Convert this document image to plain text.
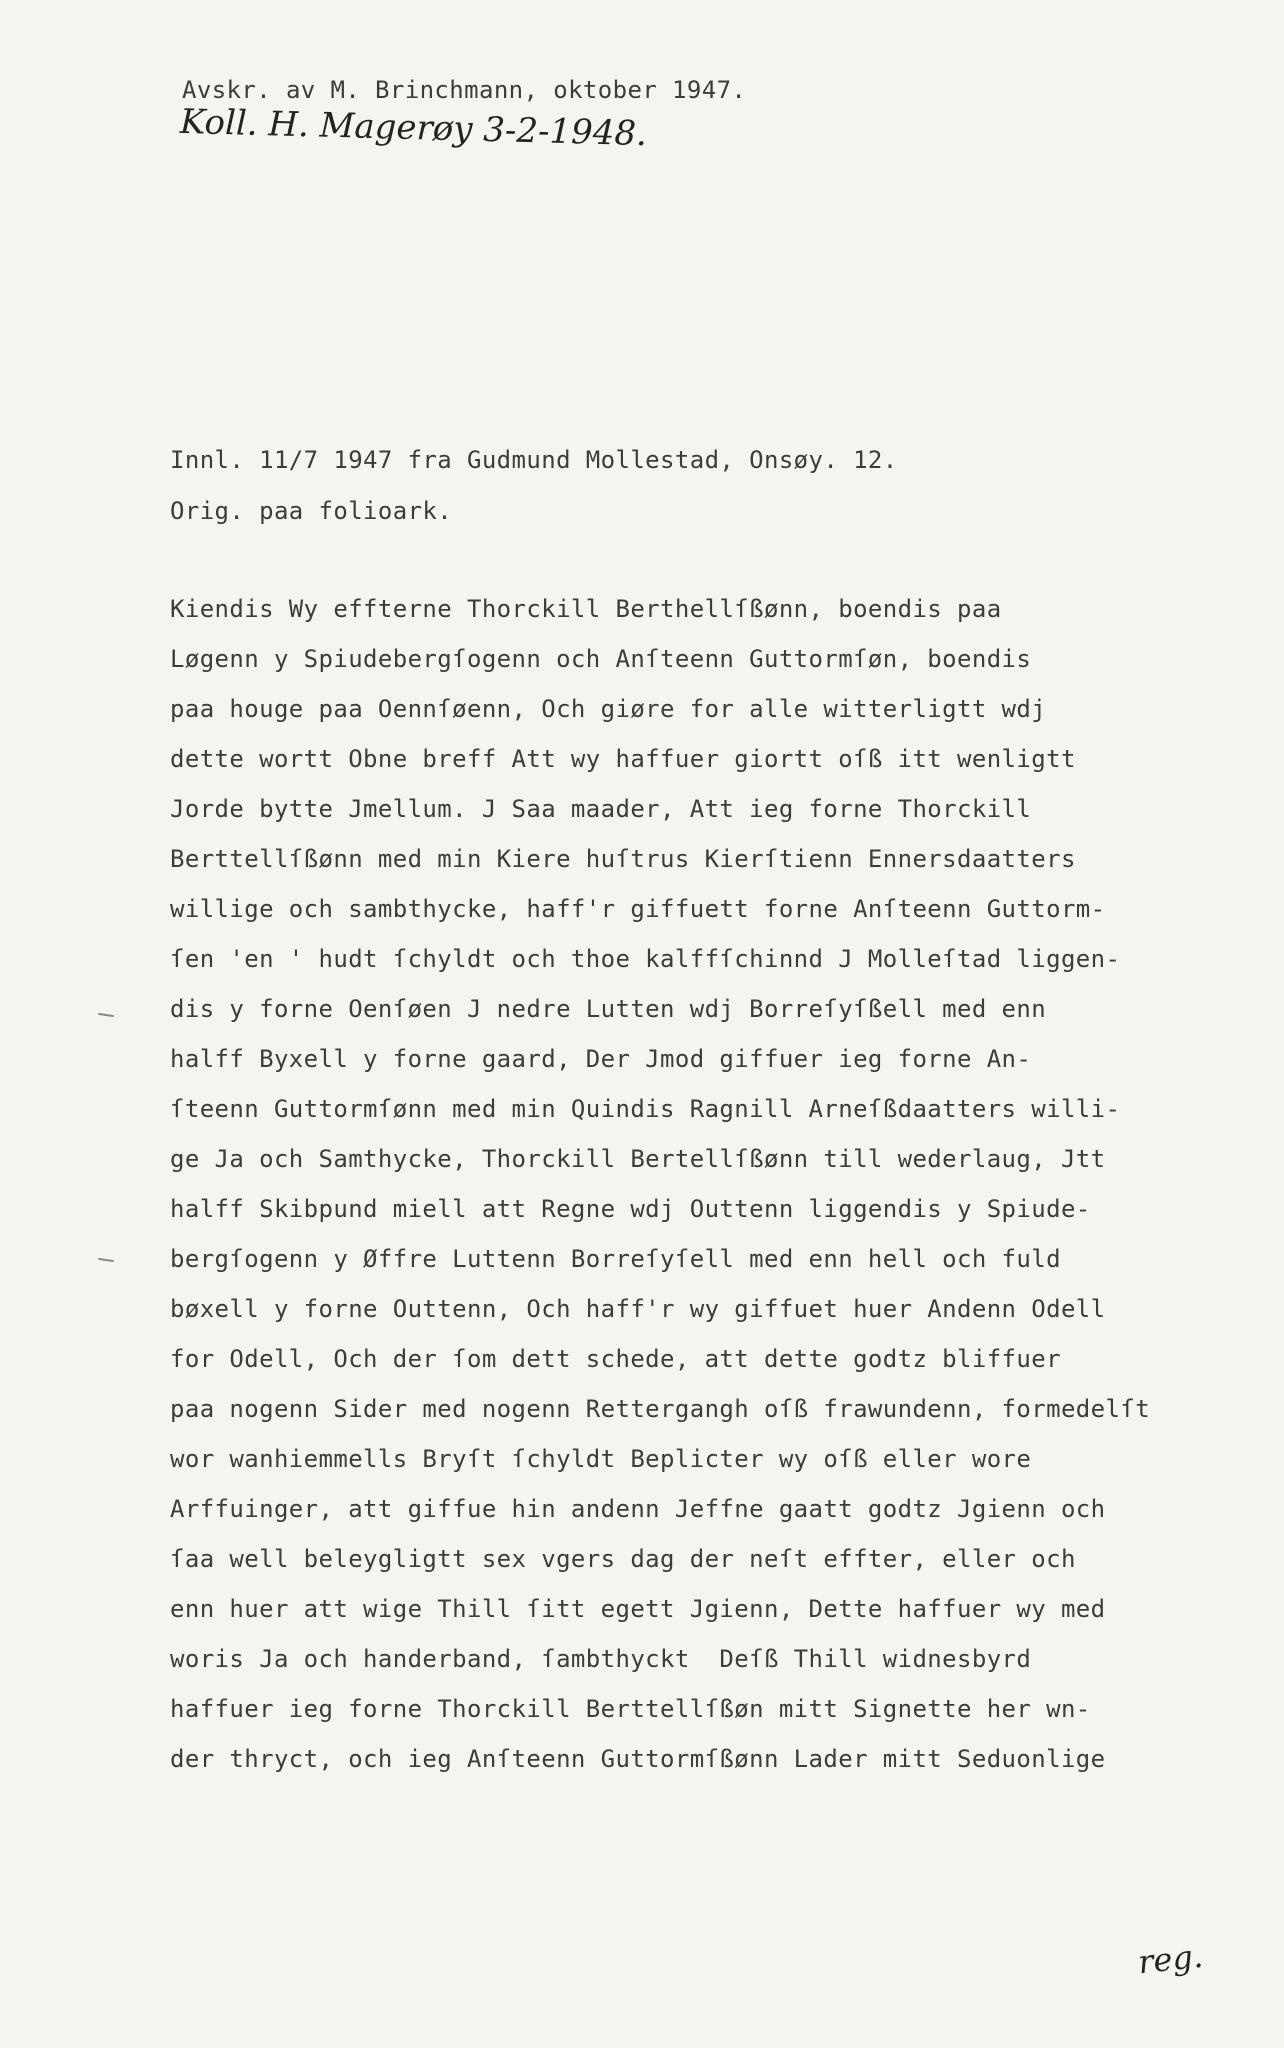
Avskr. av M. Brinchmann, oktober 1947.
Koll. H. Magerøy 3-2-1948.
Innl. 11/7 1947 fra Gudmund Mollestad, Onsøy. 12.
Orig. paa folioark.
Kiendis Wy effterne Thorckill Berthellſßønn, boendis paa
Løgenn y Spiudebergſogenn och Anſteenn Guttormſøn, boendis
paa houge paa Oennſøenn, Och giøre for alle witterligtt wdj
dette wortt Obne breff Att wy haffuer giortt oſß itt wenligtt
Jorde bytte Jmellum. J Saa maader, Att ieg forne Thorckill
Berttellſßønn med min Kiere huſtrus Kierſtienn Ennersdaatters
willige och sambthycke, haff'r giffuett forne Anſteenn Guttorm-
ſen 'en ' hudt ſchyldt och thoe kalffſchinnd J Molleſtad liggen-
dis y forne Oenſøen J nedre Lutten wdj Borreſyſßell med enn
halff Byxell y forne gaard, Der Jmod giffuer ieg forne An-
ſteenn Guttormſønn med min Quindis Ragnill Arneſßdaatters willi-
ge Ja och Samthycke, Thorckill Bertellſßønn till wederlaug, Jtt
halff Skibpund miell att Regne wdj Outtenn liggendis y Spiude-
bergſogenn y Øffre Luttenn Borreſyſell med enn hell och fuld
bøxell y forne Outtenn, Och haff'r wy giffuet huer Andenn Odell
for Odell, Och der ſom dett schede, att dette godtz bliffuer
paa nogenn Sider med nogenn Rettergangh oſß frawundenn, formedelſt
wor wanhiemmells Bryſt ſchyldt Beplicter wy oſß eller wore
Arffuinger, att giffue hin andenn Jeffne gaatt godtz Jgienn och
ſaa well beleygligtt sex vgers dag der neſt effter, eller och
enn huer att wige Thill ſitt egett Jgienn, Dette haffuer wy med
woris Ja och handerband, ſambthyckt  Deſß Thill widnesbyrd
haffuer ieg forne Thorckill Berttellſßøn mitt Signette her wn-
der thryct, och ieg Anſteenn Guttormſßønn Lader mitt Seduonlige
reg.
